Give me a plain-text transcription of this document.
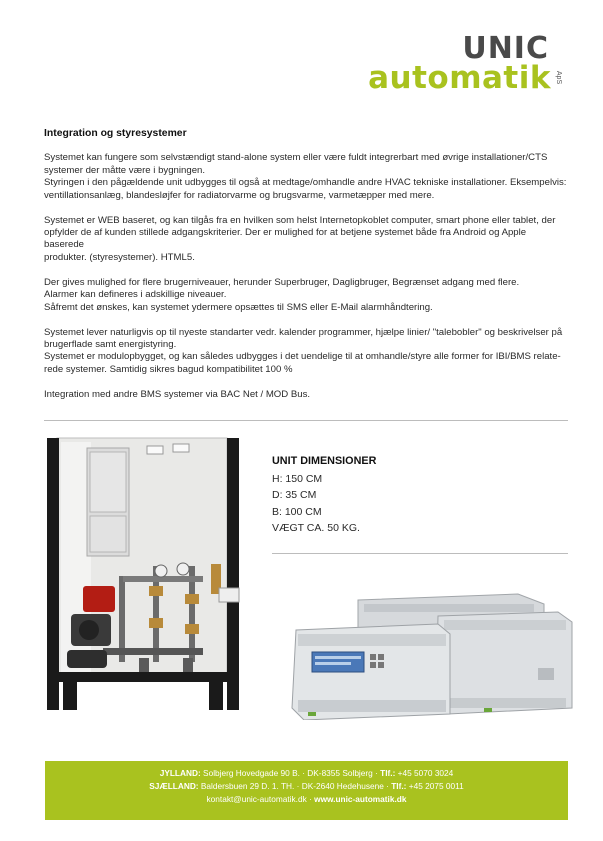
UNIC
automatik ApS
Integration og styresystemer

Systemet kan fungere som selvstændigt stand-alone system eller være fuldt integrerbart med øvrige installationer/CTS
systemer der måtte være i bygningen.
Styringen i den pågældende unit udbygges til også at medtage/omhandle andre HVAC tekniske installationer. Eksempelvis:
ventillationsanlæg, blandesløjfer for radiatorvarme og brugsvarme, varmetæpper med mere.

Systemet er WEB baseret, og kan tilgås fra en hvilken som helst Internetopkoblet computer, smart phone eller tablet, der
opfylder de af kunden stillede adgangskriterier. Der er mulighed for at betjene systemet både fra Android og Apple baserede
produkter. (styresystemer). HTML5.

Der gives mulighed for flere brugerniveauer, herunder Superbruger, Dagligbruger, Begrænset adgang med flere.
Alarmer kan defineres i adskillige niveauer.
Såfremt det ønskes, kan systemet ydermere opsættes til SMS eller E-Mail alarmhåndtering.

Systemet lever naturligvis op til nyeste standarter vedr. kalender programmer, hjælpe linier/ "talebobler" og beskrivelser på
brugerflade samt energistyring.
Systemet er modulopbygget, og kan således udbygges i det uendelige til at omhandle/styre alle former for IBI/BMS relate-
rede systemer. Samtidig sikres bagud kompatibilitet 100 %

Integration med andre BMS systemer via BAC Net / MOD Bus.

UNIT DIMENSIONER
H: 150 CM
D: 35 CM
B: 100 CM
VÆGT CA. 50 KG.
JYLLAND: Solbjerg Hovedgade 90 B. · DK-8355 Solbjerg · Tlf.: +45 5070 3024
SJÆLLAND: Baldersbuen 29 D. 1. TH. · DK-2640 Hedehusene · Tlf.: +45 2075 0011
kontakt@unic-automatik.dk · www.unic-automatik.dk
